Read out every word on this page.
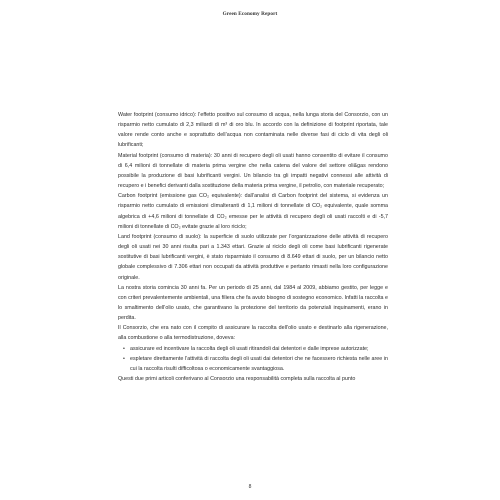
Green Economy Report

Water footprint (consumo idrico): l’effetto positivo sul consumo di acqua, nella lunga storia del Consorzio, con un risparmio netto cumulato di 2,3 miliardi di m³ di oro blu. In accordo con la definizione di footprint riportata, tale valore rende conto anche e soprattutto dell’acqua non contaminata nelle diverse fasi di ciclo di vita degli oli lubrificanti;

Material footprint (consumo di materia): 30 anni di recupero degli oli usati hanno consentito di evitare il consumo di 6,4 milioni di tonnellate di materia prima vergine che nella catena del valore del settore oli&gas rendono possibile la produzione di basi lubrificanti vergini. Un bilancio tra gli impatti negativi connessi alle attività di recupero e i benefici derivanti dalla sostituzione della materia prima vergine, il petrolio, con materiale recuperato;

Carbon footprint (emissione gas CO₂ equivalente): dall’analisi di Carbon footprint del sistema, si evidenza un risparmio netto cumulato di emissioni climalteranti di 1,1 milioni di tonnellate di CO₂ equivalente, quale somma algebrica di +4,6 milioni di tonnellate di CO₂ emesse per le attività di recupero degli oli usati raccolti e di -5,7 milioni di tonnellate di CO₂ evitate grazie al loro riciclo;

Land footprint (consumo di suolo): la superficie di suolo utilizzate per l’organizzazione delle attività di recupero degli oli usati nei 30 anni risulta pari a 1.343 ettari. Grazie al riciclo degli oli come basi lubrificanti rigenerate sostitutive di basi lubrificanti vergini, è stato risparmiato il consumo di 8.649 ettari di suolo, per un bilancio netto globale complessivo di 7.306 ettari non occupati da attività produttive e pertanto rimasti nella loro configurazione originale.

La nostra storia comincia 30 anni fa. Per un periodo di 25 anni, dal 1984 al 2009, abbiamo gestito, per legge e con criteri prevalentemente ambientali, una filiera che fa avuto bisogno di sostegno economico. Infatti la raccolta e lo smaltimento dell’olio usato, che garantivano la protezione del territorio da potenziali inquinamenti, erano in perdita.

Il Consorzio, che era nato con il compito di assicurare la raccolta dell’olio usato e destinarlo alla rigenerazione, alla combustione o alla termodistruzione, doveva:

• assicurare ed incentivare la raccolta degli oli usati ritirandoli dai detentori e dalle imprese autorizzate;
• espletare direttamente l’attività di raccolta degli oli usati dai detentori che ne facessero richiesta nelle aree in cui la raccolta risulti difficoltosa o economicamente svantaggiosa.

Questi due primi articoli conferivano al Consorzio una responsabilità completa sulla raccolta al punto

8
